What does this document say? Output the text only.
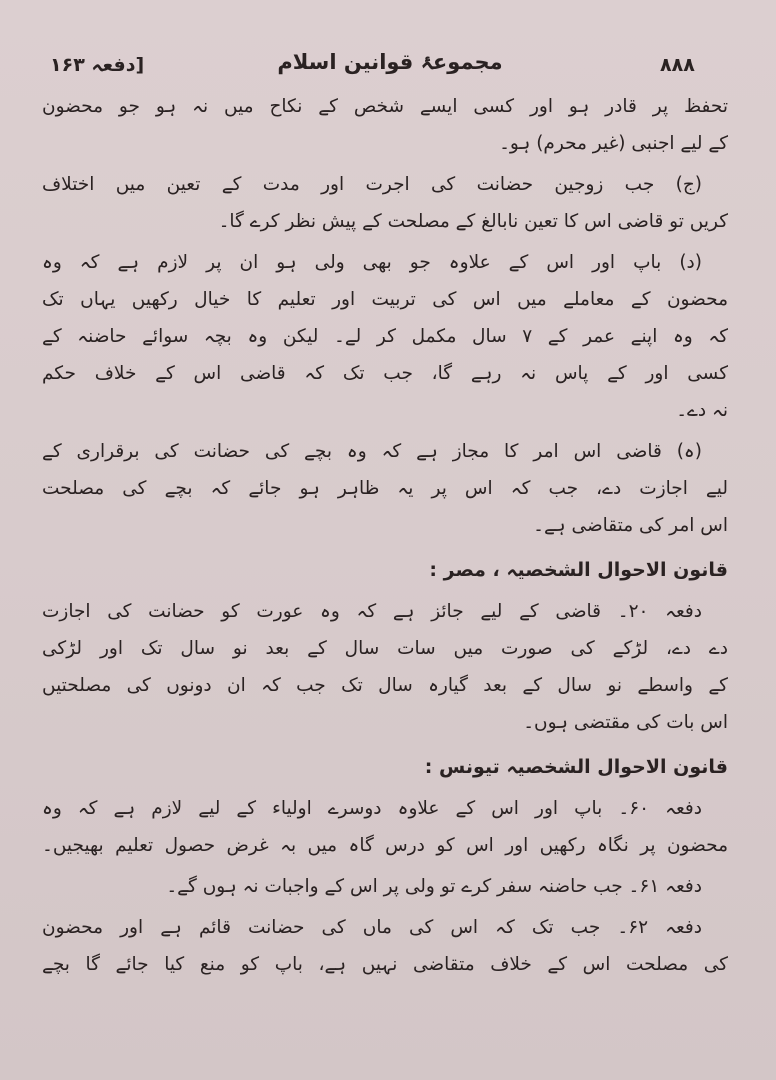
[دفعہ ۱۶۳	مجموعۂ قوانین اسلام	۸۸۸
تحفظ پر قادر ہو اور کسی ایسے شخص کے نکاح میں نہ ہو جو محضون
کے لیے اجنبی (غیر محرم) ہو۔
(ج) جب زوجین حضانت کی اجرت اور مدت کے تعین میں اختلاف
کریں تو قاضی اس کا تعین نابالغ کے مصلحت کے پیش نظر کرے گا۔
(د) باپ اور اس کے علاوہ جو بھی ولی ہو ان پر لازم ہے کہ وہ
محضون کے معاملے میں اس کی تربیت اور تعلیم کا خیال رکھیں یہاں تک
کہ وہ اپنے عمر کے ۷ سال مکمل کر لے۔ لیکن وہ بچہ سوائے حاضنہ کے
کسی اور کے پاس نہ رہے گا، جب تک کہ قاضی اس کے خلاف حکم
نہ دے۔
(ہ) قاضی اس امر کا مجاز ہے کہ وہ بچے کی حضانت کی برقراری کے
لیے اجازت دے، جب کہ اس پر یہ ظاہر ہو جائے کہ بچے کی مصلحت
اس امر کی متقاضی ہے۔
قانون الاحوال الشخصیہ ، مصر :
دفعہ ۲۰۔ قاضی کے لیے جائز ہے کہ وہ عورت کو حضانت کی اجازت
دے دے، لڑکے کی صورت میں سات سال کے بعد نو سال تک اور لڑکی
کے واسطے نو سال کے بعد گیارہ سال تک جب کہ ان دونوں کی مصلحتیں
اس بات کی مقتضی ہوں۔
قانون الاحوال الشخصیہ تیونس :
دفعہ ۶۰۔ باپ اور اس کے علاوہ دوسرے اولیاء کے لیے لازم ہے کہ وہ
محضون پر نگاہ رکھیں اور اس کو درس گاہ میں بہ غرض حصول تعلیم بھیجیں۔
دفعہ ۶۱۔ جب حاضنہ سفر کرے تو ولی پر اس کے واجبات نہ ہوں گے۔
دفعہ ۶۲۔ جب تک کہ اس کی ماں کی حضانت قائم ہے اور محضون
کی مصلحت اس کے خلاف متقاضی نہیں ہے، باپ کو منع کیا جائے گا بچے
